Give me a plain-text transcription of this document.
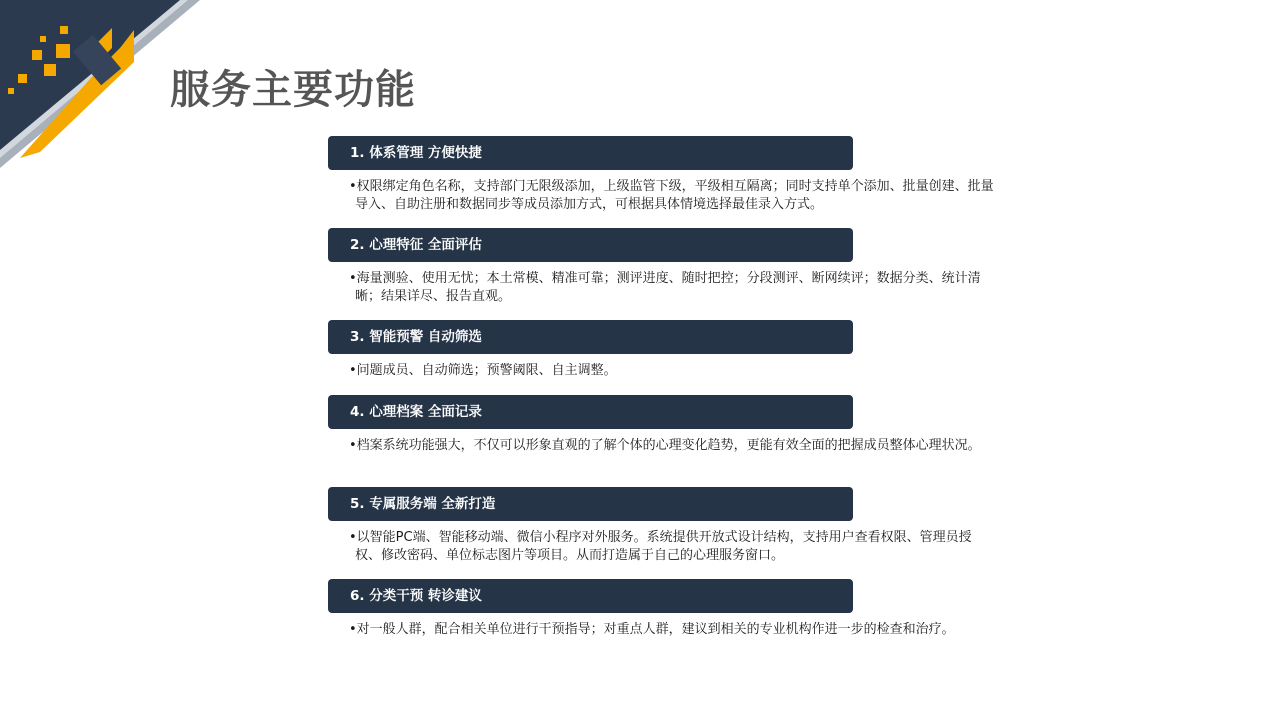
服务主要功能
1. 体系管理 方便快捷

•权限绑定角色名称，支持部门无限级添加，上级监管下级，平级相互隔离；同时支持单个添加、批量创建、批量导入、自助注册和数据同步等成员添加方式，可根据具体情境选择最佳录入方式。

2. 心理特征 全面评估

•海量测验、使用无忧；本土常模、精准可靠；测评进度、随时把控；分段测评、断网续评；数据分类、统计清晰；结果详尽、报告直观。

3. 智能预警 自动筛选

•问题成员、自动筛选；预警阈限、自主调整。

4. 心理档案 全面记录

•档案系统功能强大，不仅可以形象直观的了解个体的心理变化趋势，更能有效全面的把握成员整体心理状况。

5. 专属服务端 全新打造

•以智能PC端、智能移动端、微信小程序对外服务。系统提供开放式设计结构，支持用户查看权限、管理员授权、修改密码、单位标志图片等项目。从而打造属于自己的心理服务窗口。

6. 分类干预 转诊建议

•对一般人群，配合相关单位进行干预指导；对重点人群，建议到相关的专业机构作进一步的检查和治疗。
